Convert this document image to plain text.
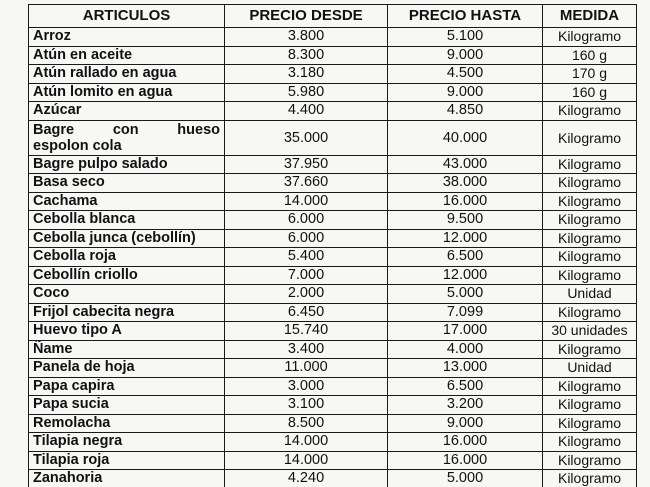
ARTICULOS	PRECIO DESDE	PRECIO HASTA	MEDIDA
Arroz	3.800	5.100	Kilogramo
Atún en aceite	8.300	9.000	160 g
Atún rallado en agua	3.180	4.500	170 g
Atún lomito en agua	5.980	9.000	160 g
Azúcar	4.400	4.850	Kilogramo

Bagre con hueso
espolon cola	35.000	40.000	Kilogramo
Bagre pulpo salado	37.950	43.000	Kilogramo
Basa seco	37.660	38.000	Kilogramo
Cachama	14.000	16.000	Kilogramo
Cebolla blanca	6.000	9.500	Kilogramo
Cebolla junca (cebollín)	6.000	12.000	Kilogramo
Cebolla roja	5.400	6.500	Kilogramo
Cebollín criollo	7.000	12.000	Kilogramo
Coco	2.000	5.000	Unidad
Frijol cabecita negra	6.450	7.099	Kilogramo
Huevo tipo A	15.740	17.000	30 unidades
Ñame	3.400	4.000	Kilogramo
Panela de hoja	11.000	13.000	Unidad
Papa capira	3.000	6.500	Kilogramo
Papa sucia	3.100	3.200	Kilogramo
Remolacha	8.500	9.000	Kilogramo
Tilapia negra	14.000	16.000	Kilogramo
Tilapia roja	14.000	16.000	Kilogramo
Zanahoria	4.240	5.000	Kilogramo
